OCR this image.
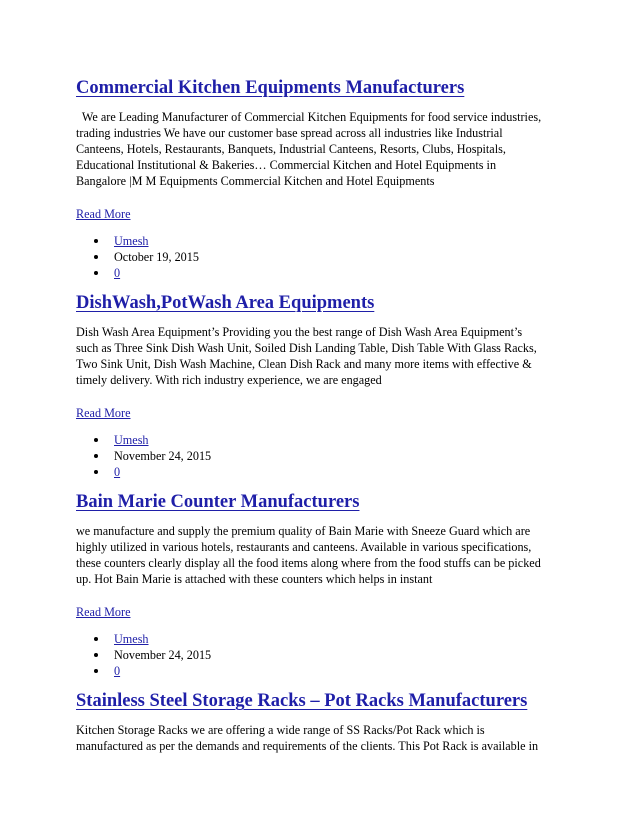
Commercial Kitchen Equipments Manufacturers

We are Leading Manufacturer of Commercial Kitchen Equipments for food service industries,

trading industries We have our customer base spread across all industries like Industrial

Canteens, Hotels, Restaurants, Banquets, Industrial Canteens, Resorts, Clubs, Hospitals,

Educational Institutional & Bakeries… Commercial Kitchen and Hotel Equipments in

Bangalore |M M Equipments Commercial Kitchen and Hotel Equipments

Read More
Umesh
October 19, 2015
0
DishWash,PotWash Area Equipments

Dish Wash Area Equipment’s Providing you the best range of Dish Wash Area Equipment’s

such as Three Sink Dish Wash Unit, Soiled Dish Landing Table, Dish Table With Glass Racks,

Two Sink Unit, Dish Wash Machine, Clean Dish Rack and many more items with effective &

timely delivery. With rich industry experience, we are engaged

Read More
Umesh
November 24, 2015
0
Bain Marie Counter Manufacturers

we manufacture and supply the premium quality of Bain Marie with Sneeze Guard which are

highly utilized in various hotels, restaurants and canteens. Available in various specifications,

these counters clearly display all the food items along where from the food stuffs can be picked

up. Hot Bain Marie is attached with these counters which helps in instant

Read More
Umesh
November 24, 2015
0
Stainless Steel Storage Racks – Pot Racks Manufacturers

Kitchen Storage Racks we are offering a wide range of SS Racks/Pot Rack which is

manufactured as per the demands and requirements of the clients. This Pot Rack is available in
